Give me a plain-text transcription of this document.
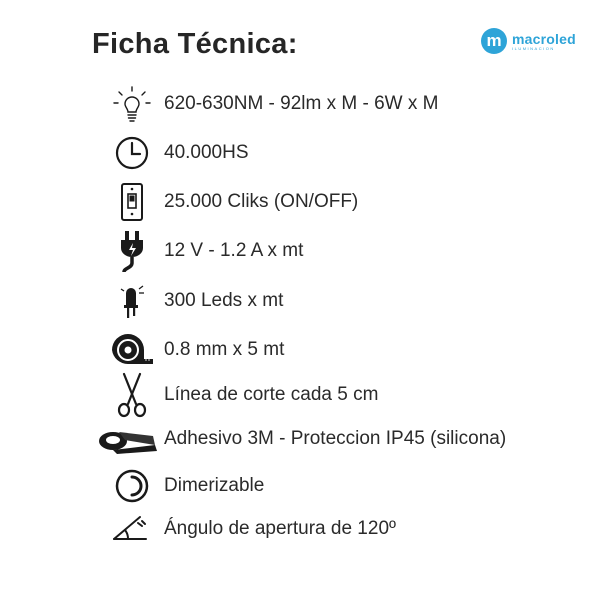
Ficha Técnica:	m macroled
ILUMINACION
620-630NM - 92lm x M - 6W x M
40.000HS
25.000 Cliks (ON/OFF)
12 V - 1.2 A x mt
300 Leds x mt
0.8 mm x 5 mt
Línea de corte cada 5 cm
Adhesivo 3M - Proteccion IP45 (silicona)
Dimerizable
Ángulo de apertura de 120º
